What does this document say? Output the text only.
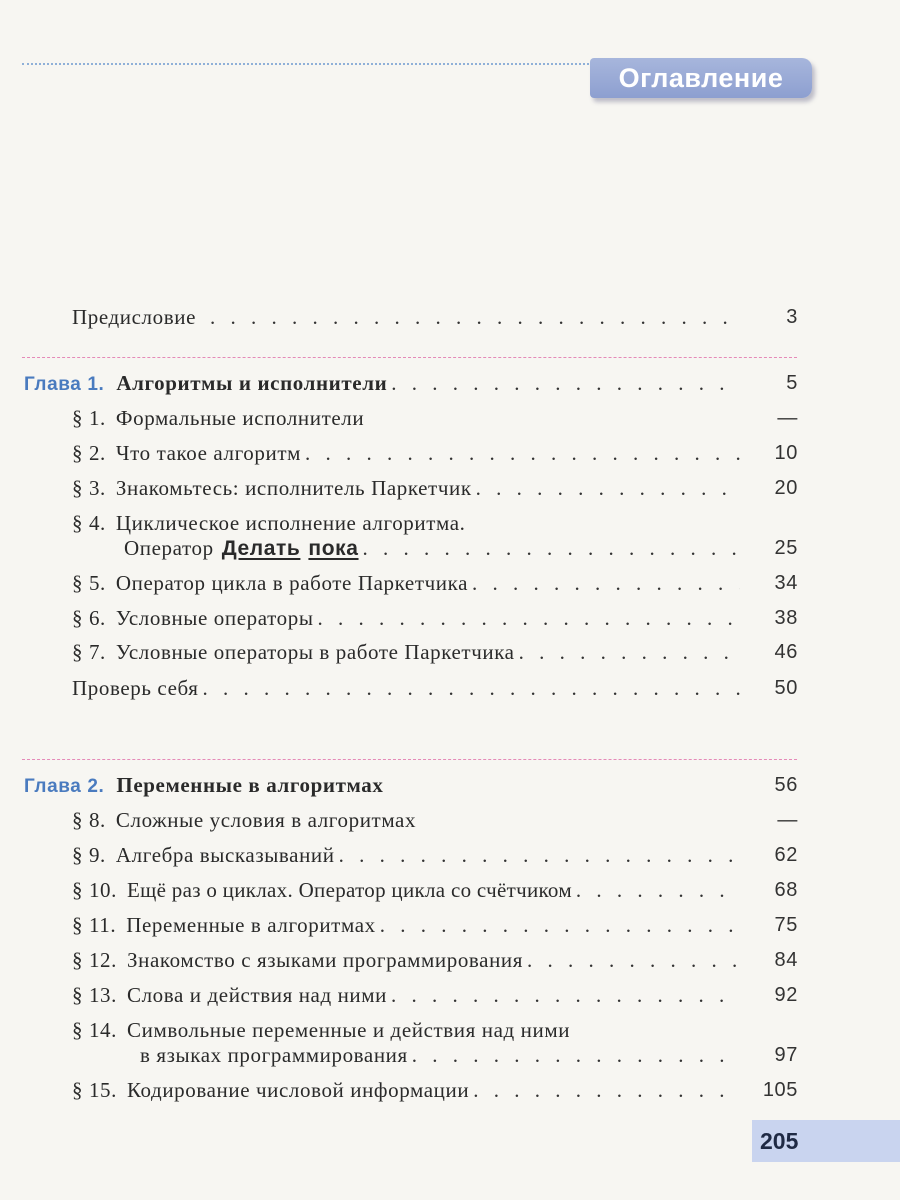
Оглавление
Предисловие . . .	3
Глава 1. Алгоритмы и исполнители . . .	5
§ 1. Формальные исполнители	—
§ 2. Что такое алгоритм . . .	10
§ 3. Знакомьтесь: исполнитель Паркетчик . . .	20
§ 4. Циклическое исполнение алгоритма.
Оператор Делать пока . . .	25
§ 5. Оператор цикла в работе Паркетчика . . .	34
§ 6. Условные операторы . . .	38
§ 7. Условные операторы в работе Паркетчика . . .	46
Проверь себя . . .	50
Глава 2. Переменные в алгоритмах	56
§ 8. Сложные условия в алгоритмах	—
§ 9. Алгебра высказываний . . .	62
§ 10. Ещё раз о циклах. Оператор цикла со счётчиком . . .	68
§ 11. Переменные в алгоритмах . . .	75
§ 12. Знакомство с языками программирования . . .	84
§ 13. Слова и действия над ними . . .	92
§ 14. Символьные переменные и действия над ними
в языках программирования . . .	97
§ 15. Кодирование числовой информации . . .	105
205
